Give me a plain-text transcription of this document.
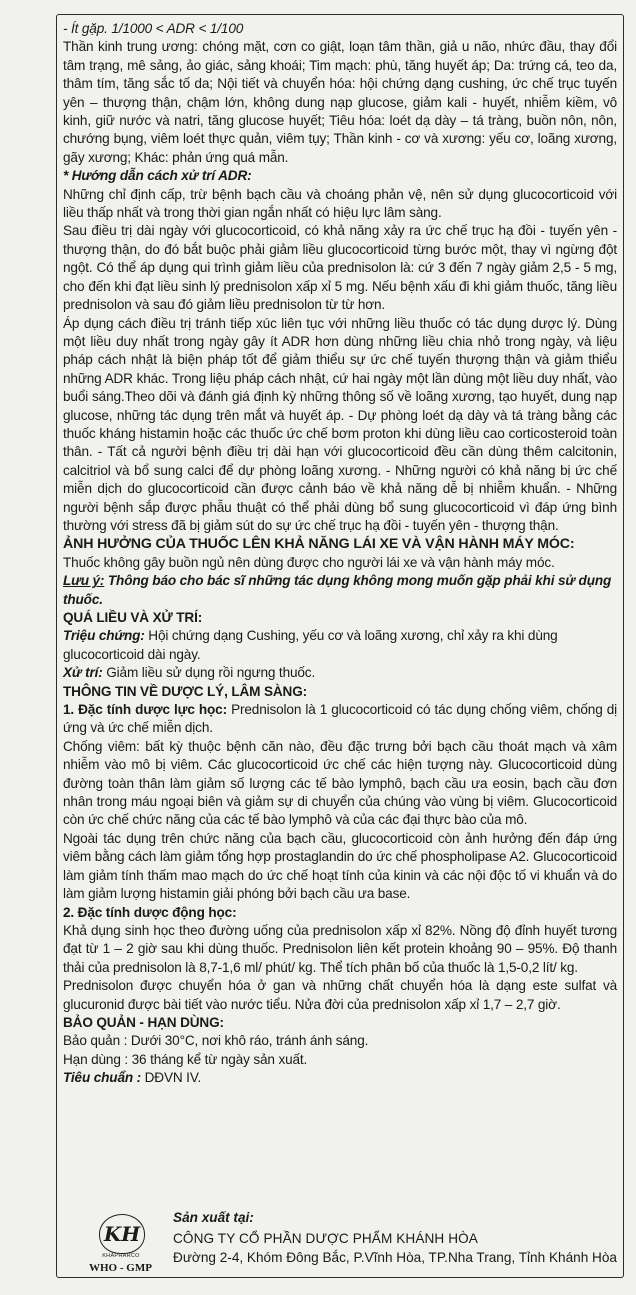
- Ít gặp. 1/1000 < ADR < 1/100

Thần kinh trung ương: chóng mặt, cơn co giật, loạn tâm thần, giả u não, nhức đầu, thay đổi tâm trạng, mê sảng, ảo giác, sảng khoái; Tim mạch: phù, tăng huyết áp; Da: trứng cá, teo da, thâm tím, tăng sắc tố da; Nội tiết và chuyển hóa: hội chứng dạng cushing, ức chế trục tuyến yên – thượng thận, chậm lớn, không dung nạp glucose, giảm kali - huyết, nhiễm kiềm, vô kinh, giữ nước và natri, tăng glucose huyết; Tiêu hóa: loét dạ dày – tá tràng, buồn nôn, nôn, chướng bụng, viêm loét thực quản, viêm tụy; Thần kinh - cơ và xương: yếu cơ, loãng xương, gãy xương; Khác: phản ứng quá mẫn.

* Hướng dẫn cách xử trí ADR:

Những chỉ định cấp, trừ bệnh bạch cầu và choáng phản vệ, nên sử dụng glucocorticoid với liều thấp nhất và trong thời gian ngắn nhất có hiệu lực lâm sàng.

Sau điều trị dài ngày với glucocorticoid, có khả năng xảy ra ức chế trục hạ đồi - tuyến yên - thượng thận, do đó bắt buộc phải giảm liều glucocorticoid từng bước một, thay vì ngừng đột ngột. Có thể áp dụng qui trình giảm liều của prednisolon là: cứ 3 đến 7 ngày giảm 2,5 - 5 mg, cho đến khi đạt liều sinh lý prednisolon xấp xỉ 5 mg. Nếu bệnh xấu đi khi giảm thuốc, tăng liều prednisolon và sau đó giảm liều prednisolon từ từ hơn.

Áp dụng cách điều trị tránh tiếp xúc liên tục với những liều thuốc có tác dụng dược lý. Dùng một liều duy nhất trong ngày gây ít ADR hơn dùng những liều chia nhỏ trong ngày, và liệu pháp cách nhật là biện pháp tốt để giảm thiểu sự ức chế tuyến thượng thận và giảm thiểu những ADR khác. Trong liệu pháp cách nhật, cứ hai ngày một lần dùng một liều duy nhất, vào buổi sáng.Theo dõi và đánh giá định kỳ những thông số về loãng xương, tạo huyết, dung nạp glucose, những tác dụng trên mắt và huyết áp. - Dự phòng loét dạ dày và tá tràng bằng các thuốc kháng histamin hoặc các thuốc ức chế bơm proton khi dùng liều cao corticosteroid toàn thân. - Tất cả người bệnh điều trị dài hạn với glucocorticoid đều cần dùng thêm calcitonin, calcitriol và bổ sung calci để dự phòng loãng xương. - Những người có khả năng bị ức chế miễn dịch do glucocorticoid cần được cảnh báo về khả năng dễ bị nhiễm khuẩn. - Những người bệnh sắp được phẫu thuật có thể phải dùng bổ sung glucocorticoid vì đáp ứng bình thường với stress đã bị giảm sút do sự ức chế trục hạ đồi - tuyến yên - thượng thận.

ẢNH HƯỞNG CỦA THUỐC LÊN KHẢ NĂNG LÁI XE VÀ VẬN HÀNH MÁY MÓC:

Thuốc không gây buồn ngủ nên dùng được cho người lái xe và vận hành máy móc.

Lưu ý: Thông báo cho bác sĩ những tác dụng không mong muốn gặp phải khi sử dụng thuốc.

QUÁ LIỀU VÀ XỬ TRÍ:

Triệu chứng: Hội chứng dạng Cushing, yếu cơ và loãng xương, chỉ xảy ra khi dùng glucocorticoid dài ngày.

Xử trí: Giảm liều sử dụng rồi ngưng thuốc.

THÔNG TIN VỀ DƯỢC LÝ, LÂM SÀNG:

1. Đặc tính dược lực học: Prednisolon là 1 glucocorticoid có tác dụng chống viêm, chống dị ứng và ức chế miễn dịch.

Chống viêm: bất kỳ thuộc bệnh căn nào, đều đặc trưng bởi bạch cầu thoát mạch và xâm nhiễm vào mô bị viêm. Các glucocorticoid ức chế các hiện tượng này. Glucocorticoid dùng đường toàn thân làm giảm số lượng các tế bào lymphô, bạch cầu ưa eosin, bạch cầu đơn nhân trong máu ngoại biên và giảm sự di chuyển của chúng vào vùng bị viêm. Glucocorticoid còn ức chế chức năng của các tế bào lymphô và của các đại thực bào của mô.

Ngoài tác dụng trên chức năng của bạch cầu, glucocorticoid còn ảnh hưởng đến đáp ứng viêm bằng cách làm giảm tổng hợp prostaglandin do ức chế phospholipase A2. Glucocorticoid làm giảm tính thấm mao mạch do ức chế hoạt tính của kinin và các nội độc tố vi khuẩn và do làm giảm lượng histamin giải phóng bởi bạch cầu ưa base.

2. Đặc tính dược động học:

Khả dụng sinh học theo đường uống của prednisolon xấp xỉ 82%. Nồng độ đỉnh huyết tương đạt từ 1 – 2 giờ sau khi dùng thuốc. Prednisolon liên kết protein khoảng 90 – 95%. Độ thanh thải của prednisolon là 8,7-1,6 ml/ phút/ kg. Thể tích phân bố của thuốc là 1,5-0,2 lít/ kg.

Prednisolon được chuyển hóa ở gan và những chất chuyển hóa là dạng este sulfat và glucuronid được bài tiết vào nước tiểu. Nửa đời của prednisolon xấp xỉ 1,7 – 2,7 giờ.

BẢO QUẢN - HẠN DÙNG:

Bảo quản : Dưới 30°C, nơi khô ráo, tránh ánh sáng.

Hạn dùng : 36 tháng kể từ ngày sản xuất.

Tiêu chuẩn : DĐVN IV.

KH
KHAPHARCO
WHO - GMP
Sản xuất tại:
CÔNG TY CỔ PHẦN DƯỢC PHẨM KHÁNH HÒA
Đường 2-4, Khóm Đông Bắc, P.Vĩnh Hòa, TP.Nha Trang, Tỉnh Khánh Hòa
